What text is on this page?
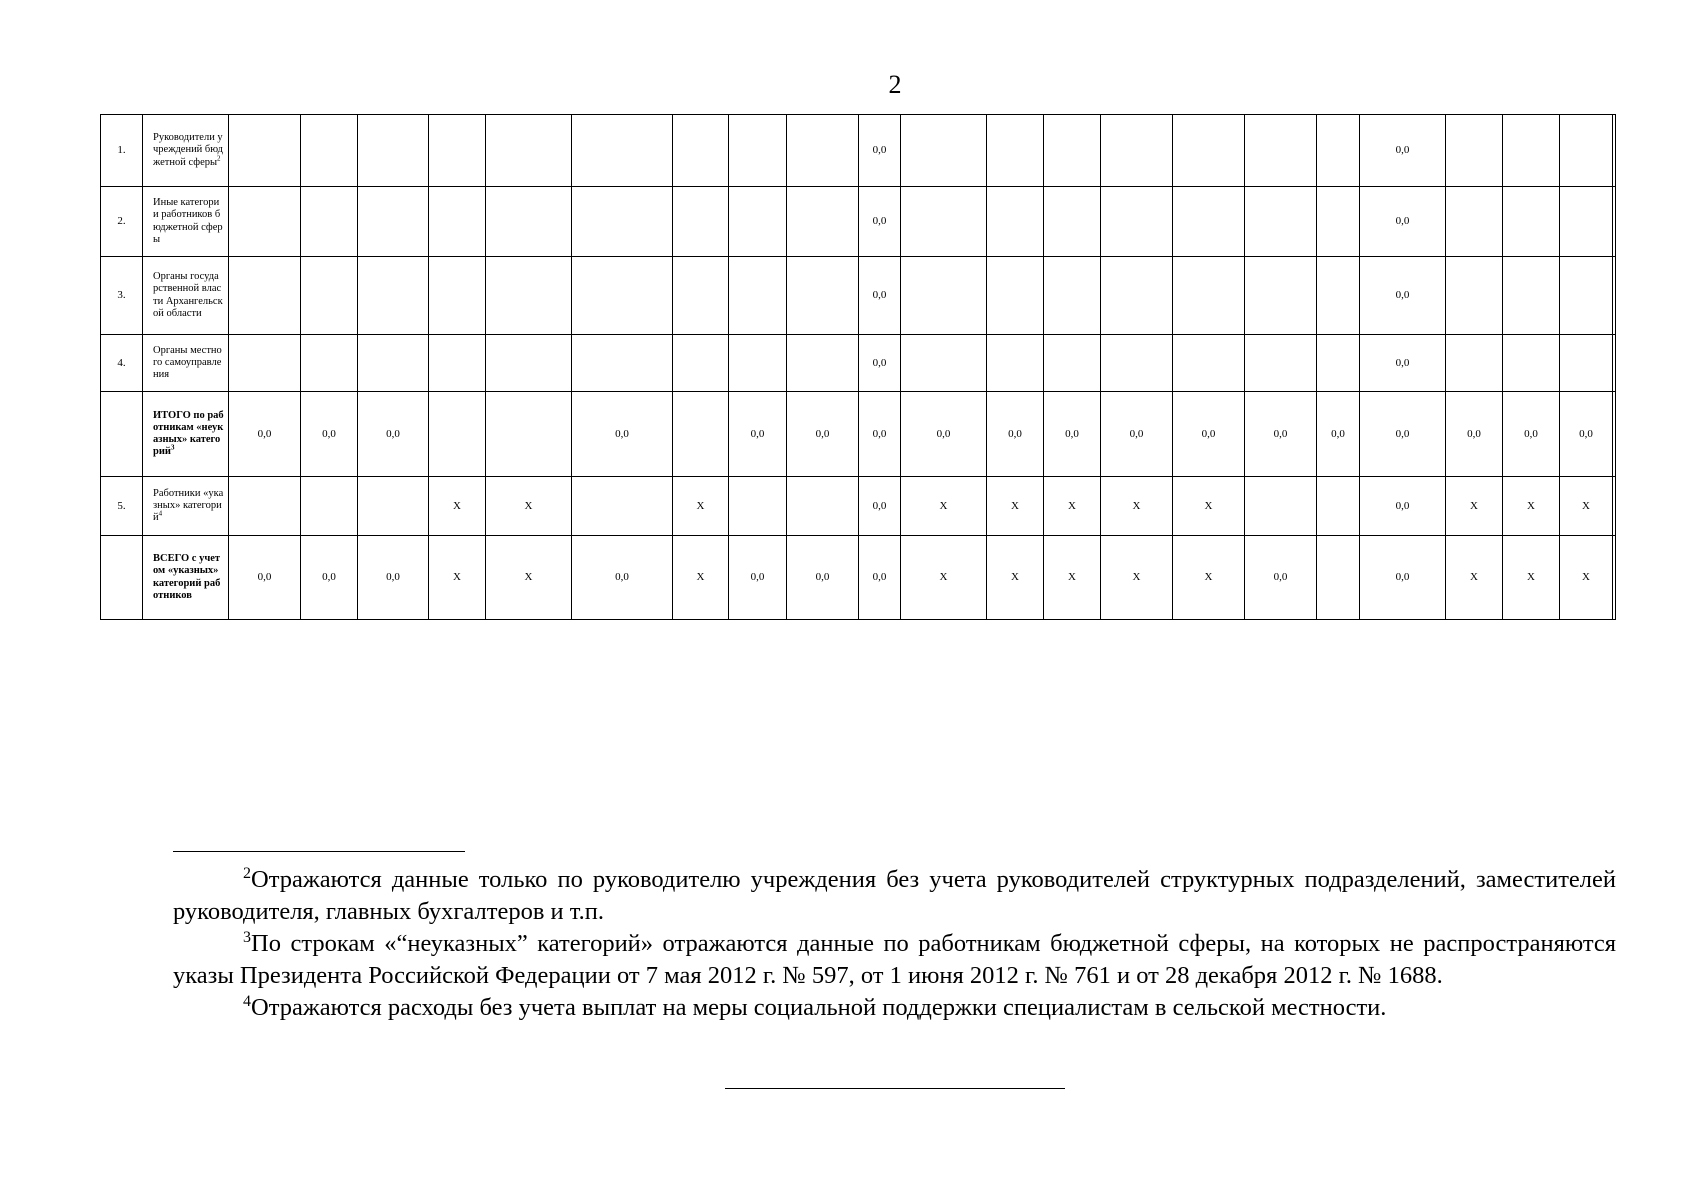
2
1.	Руководители учреждений бюджетной сферы$^2$										0,0								0,0				
2.	Иные категории работников бюджетной сферы										0,0								0,0				
3.	Органы государственной власти Архангельской области										0,0								0,0				
4.	Органы местного самоуправления										0,0								0,0				
	ИТОГО по работникам «неуказных» категорий$^3$	0,0	0,0	0,0			0,0		0,0	0,0	0,0	0,0	0,0	0,0	0,0	0,0	0,0	0,0	0,0	0,0	0,0	0,0	
5.	Работники «указных» категорий$^4$				Х	Х		Х			0,0	Х	Х	Х	Х	Х			0,0	Х	Х	Х	
	ВСЕГО с учетом «указных» категорий работников	0,0	0,0	0,0	Х	Х	0,0	Х	0,0	0,0	0,0	Х	Х	Х	Х	Х	0,0		0,0	Х	Х	Х	

$^2$Отражаются данные только по руководителю учреждения без учета руководителей структурных подразделений, заместителей руководителя, главных бухгалтеров и т.п.

$^3$По строкам «“неуказных” категорий» отражаются данные по работникам бюджетной сферы, на которых не распространяются указы Президента Российской Федерации от 7 мая 2012 г. № 597, от 1 июня 2012 г. № 761 и от 28 декабря 2012 г. № 1688.

$^4$Отражаются расходы без учета выплат на меры социальной поддержки специалистам в сельской местности.
